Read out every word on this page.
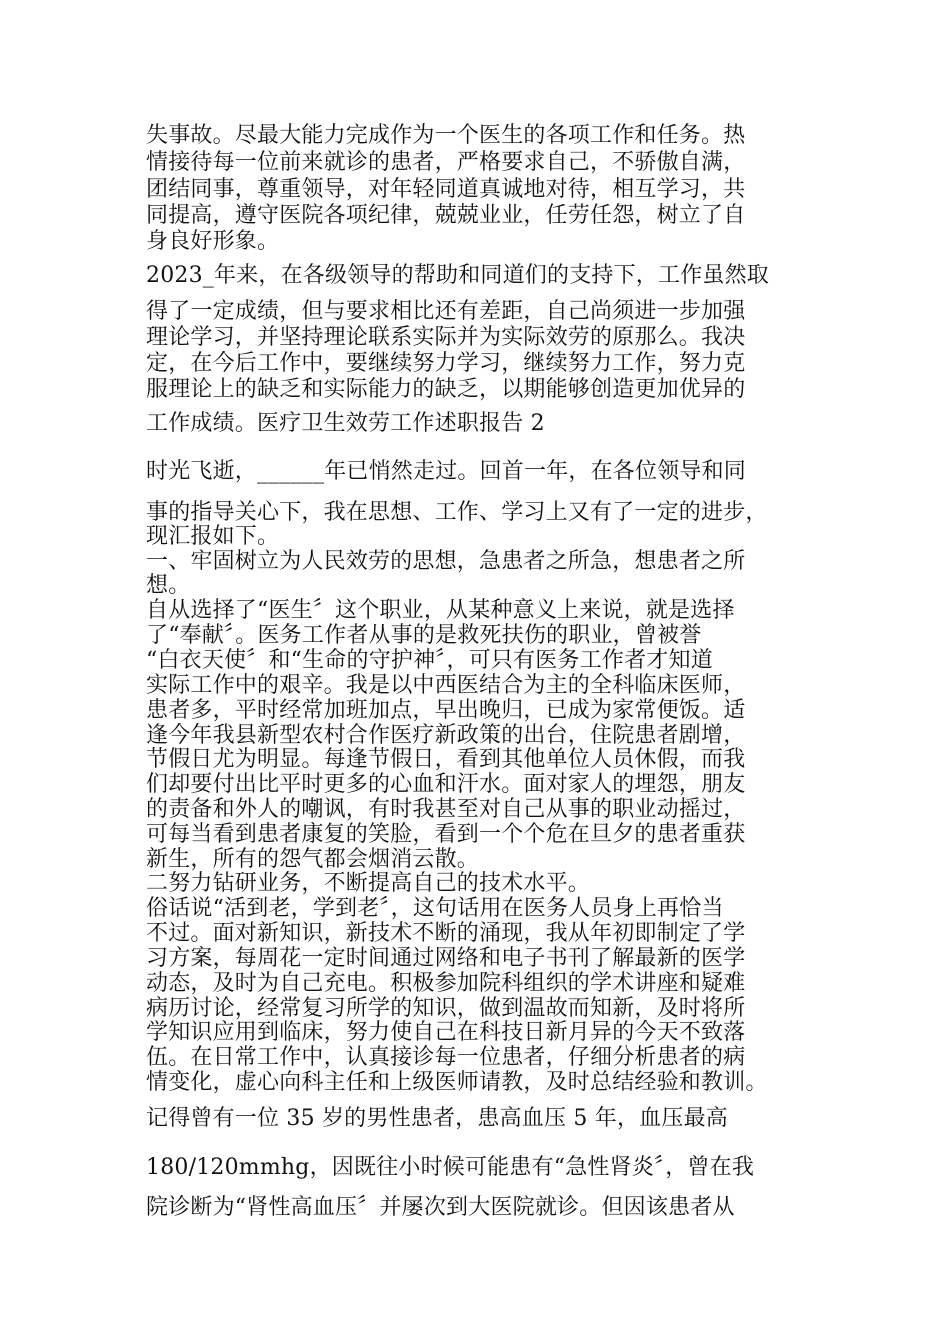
失事故。尽最大能力完成作为一个医生的各项工作和任务。热
情接待每一位前来就诊的患者，严格要求自己，不骄傲自满，
团结同事，尊重领导，对年轻同道真诚地对待，相互学习，共
同提高，遵守医院各项纪律，兢兢业业，任劳任怨，树立了自
身良好形象。
2023_年来，在各级领导的帮助和同道们的支持下，工作虽然取
得了一定成绩，但与要求相比还有差距，自己尚须进一步加强
理论学习，并坚持理论联系实际并为实际效劳的原那么。我决
定，在今后工作中，要继续努力学习，继续努力工作，努力克
服理论上的缺乏和实际能力的缺乏，以期能够创造更加优异的
工作成绩。医疗卫生效劳工作述职报告 2
时光飞逝，______年已悄然走过。回首一年，在各位领导和同
事的指导关心下，我在思想、工作、学习上又有了一定的进步，
现汇报如下。
一、牢固树立为人民效劳的思想，急患者之所急，想患者之所
想。
自从选择了“医生〞这个职业，从某种意义上来说，就是选择
了“奉献〞。医务工作者从事的是救死扶伤的职业，曾被誉
“白衣天使〞和“生命的守护神〞，可只有医务工作者才知道
实际工作中的艰辛。我是以中西医结合为主的全科临床医师，
患者多，平时经常加班加点，早出晚归，已成为家常便饭。适
逢今年我县新型农村合作医疗新政策的出台，住院患者剧增，
节假日尤为明显。每逢节假日，看到其他单位人员休假，而我
们却要付出比平时更多的心血和汗水。面对家人的埋怨，朋友
的责备和外人的嘲讽，有时我甚至对自己从事的职业动摇过，
可每当看到患者康复的笑脸，看到一个个危在旦夕的患者重获
新生，所有的怨气都会烟消云散。
二努力钻研业务，不断提高自己的技术水平。
俗话说“活到老，学到老〞，这句话用在医务人员身上再恰当
不过。面对新知识，新技术不断的涌现，我从年初即制定了学
习方案，每周花一定时间通过网络和电子书刊了解最新的医学
动态，及时为自己充电。积极参加院科组织的学术讲座和疑难
病历讨论，经常复习所学的知识，做到温故而知新，及时将所
学知识应用到临床，努力使自己在科技日新月异的今天不致落
伍。在日常工作中，认真接诊每一位患者，仔细分析患者的病
情变化，虚心向科主任和上级医师请教，及时总结经验和教训。
记得曾有一位 35 岁的男性患者，患高血压 5 年，血压最高
180/120mmhg，因既往小时候可能患有“急性肾炎〞，曾在我
院诊断为“肾性高血压〞并屡次到大医院就诊。但因该患者从
